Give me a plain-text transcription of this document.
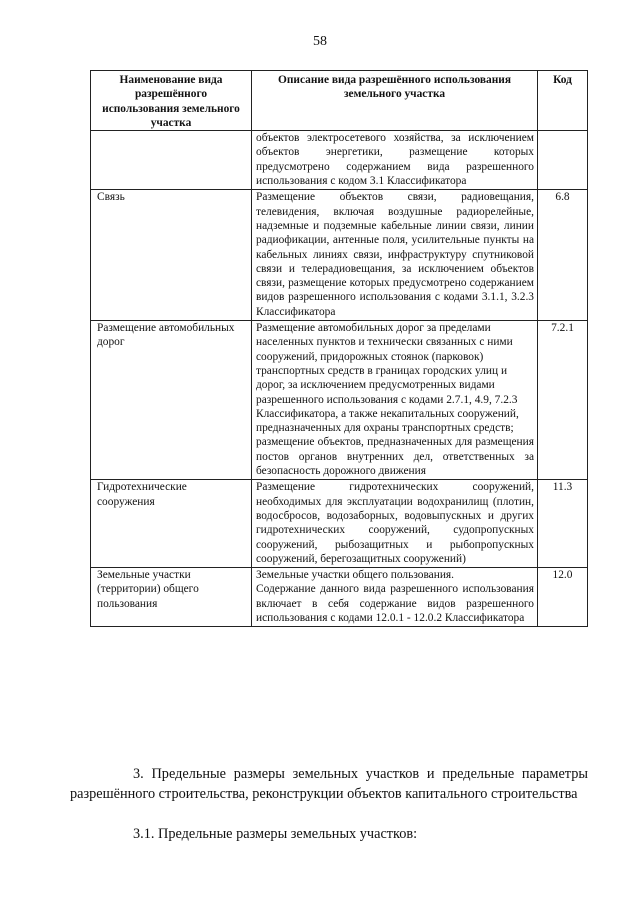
58
Наименование вида разрешённого использования земельного участка	Описание вида разрешённого использования земельного участка	Код

	объектов электросетевого хозяйства, за исключением объектов энергетики, размещение которых предусмотрено содержанием вида разрешенного использования с кодом 3.1 Классификатора	

Связь	Размещение объектов связи, радиовещания, телевидения, включая воздушные радиорелейные, надземные и подземные кабельные линии связи, линии радиофикации, антенные поля, усилительные пункты на кабельных линиях связи, инфраструктуру спутниковой связи и телерадиовещания, за исключением объектов связи, размещение которых предусмотрено содержанием видов разрешенного использования с кодами 3.1.1, 3.2.3 Классификатора	6.8
Размещение автомобильных дорог	Размещение автомобильных дорог за пределами населенных пунктов и технически связанных с ними сооружений, придорожных стоянок (парковок) транспортных средств в границах городских улиц и дорог, за исключением предусмотренных видами разрешенного использования с кодами 2.7.1, 4.9, 7.2.3 Классификатора, а также некапитальных сооружений, предназначенных для охраны транспортных средств;

размещение объектов, предназначенных для размещения постов органов внутренних дел, ответственных за безопасность дорожного движения	7.2.1
Гидротехнические сооружения	Размещение гидротехнических сооружений, необходимых для эксплуатации водохранилищ (плотин, водосбросов, водозаборных, водовыпускных и других гидротехнических сооружений, судопропускных сооружений, рыбозащитных и рыбопропускных сооружений, берегозащитных сооружений)	11.3
Земельные участки (территории) общего пользования	Земельные участки общего пользования.

Содержание данного вида разрешенного использования включает в себя содержание видов разрешенного использования с кодами 12.0.1 - 12.0.2 Классификатора	12.0
3. Предельные размеры земельных участков и предельные параметры разрешённого строительства, реконструкции объектов капитального строительства
3.1. Предельные размеры земельных участков:
